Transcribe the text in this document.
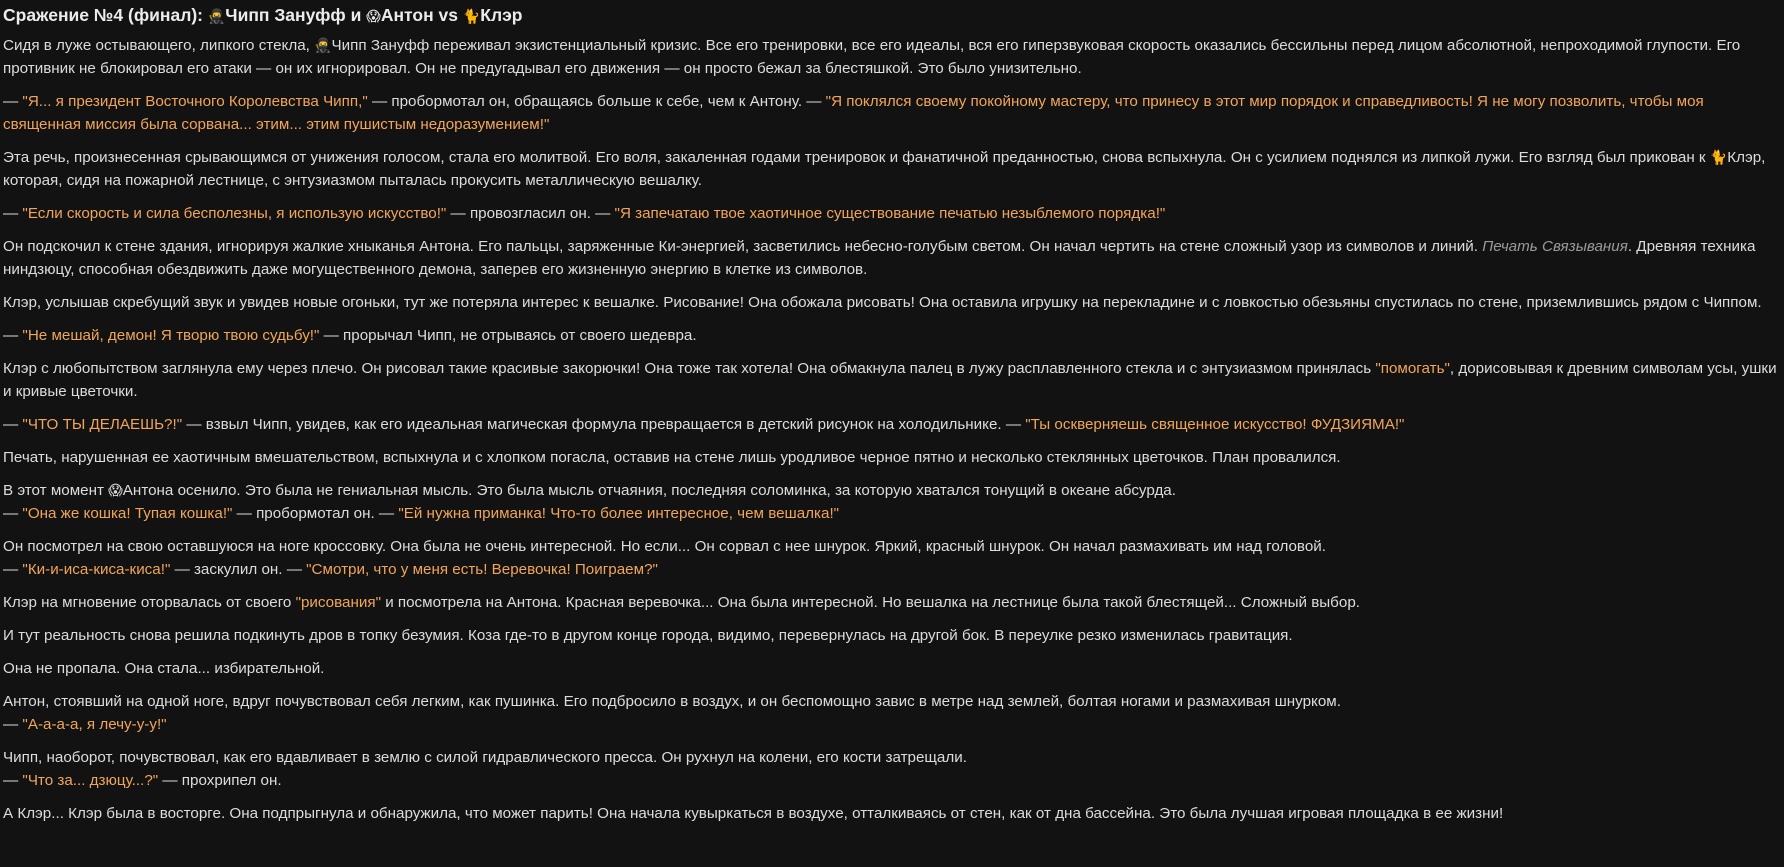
Сражение №4 (финал): 🥷Чипп Зануфф и 😱Антон vs 🐈Клэр

Сидя в луже остывающего, липкого стекла, 🥷Чипп Зануфф переживал экзистенциальный кризис. Все его тренировки, все его идеалы, вся его гиперзвуковая скорость оказались бессильны перед лицом абсолютной, непроходимой глупости. Его противник не блокировал его атаки — он их игнорировал. Он не предугадывал его движения — он просто бежал за блестяшкой. Это было унизительно.

— "Я... я президент Восточного Королевства Чипп," — пробормотал он, обращаясь больше к себе, чем к Антону. — "Я поклялся своему покойному мастеру, что принесу в этот мир порядок и справедливость! Я не могу позволить, чтобы моя священная миссия была сорвана... этим... этим пушистым недоразумением!"

Эта речь, произнесенная срывающимся от унижения голосом, стала его молитвой. Его воля, закаленная годами тренировок и фанатичной преданностью, снова вспыхнула. Он с усилием поднялся из липкой лужи. Его взгляд был прикован к 🐈Клэр, которая, сидя на пожарной лестнице, с энтузиазмом пыталась прокусить металлическую вешалку.

— "Если скорость и сила бесполезны, я использую искусство!" — провозгласил он. — "Я запечатаю твое хаотичное существование печатью незыблемого порядка!"

Он подскочил к стене здания, игнорируя жалкие хныканья Антона. Его пальцы, заряженные Ки-энергией, засветились небесно-голубым светом. Он начал чертить на стене сложный узор из символов и линий. Печать Связывания. Древняя техника ниндзюцу, способная обездвижить даже могущественного демона, заперев его жизненную энергию в клетке из символов.

Клэр, услышав скребущий звук и увидев новые огоньки, тут же потеряла интерес к вешалке. Рисование! Она обожала рисовать! Она оставила игрушку на перекладине и с ловкостью обезьяны спустилась по стене, приземлившись рядом с Чиппом.

— "Не мешай, демон! Я творю твою судьбу!" — прорычал Чипп, не отрываясь от своего шедевра.

Клэр с любопытством заглянула ему через плечо. Он рисовал такие красивые закорючки! Она тоже так хотела! Она обмакнула палец в лужу расплавленного стекла и с энтузиазмом принялась "помогать", дорисовывая к древним символам усы, ушки и кривые цветочки.

— "ЧТО ТЫ ДЕЛАЕШЬ?!" — взвыл Чипп, увидев, как его идеальная магическая формула превращается в детский рисунок на холодильнике. — "Ты оскверняешь священное искусство! ФУДЗИЯМА!"

Печать, нарушенная ее хаотичным вмешательством, вспыхнула и с хлопком погасла, оставив на стене лишь уродливое черное пятно и несколько стеклянных цветочков. План провалился.

В этот момент 😱Антона осенило. Это была не гениальная мысль. Это была мысль отчаяния, последняя соломинка, за которую хватался тонущий в океане абсурда.
— "Она же кошка! Тупая кошка!" — пробормотал он. — "Ей нужна приманка! Что-то более интересное, чем вешалка!"

Он посмотрел на свою оставшуюся на ноге кроссовку. Она была не очень интересной. Но если... Он сорвал с нее шнурок. Яркий, красный шнурок. Он начал размахивать им над головой.
— "Ки-и-иса-киса-киса!" — заскулил он. — "Смотри, что у меня есть! Веревочка! Поиграем?"

Клэр на мгновение оторвалась от своего "рисования" и посмотрела на Антона. Красная веревочка... Она была интересной. Но вешалка на лестнице была такой блестящей... Сложный выбор.

И тут реальность снова решила подкинуть дров в топку безумия. Коза где-то в другом конце города, видимо, перевернулась на другой бок. В переулке резко изменилась гравитация.

Она не пропала. Она стала... избирательной.

Антон, стоявший на одной ноге, вдруг почувствовал себя легким, как пушинка. Его подбросило в воздух, и он беспомощно завис в метре над землей, болтая ногами и размахивая шнурком.
— "А-а-а-а, я лечу-у-у!"

Чипп, наоборот, почувствовал, как его вдавливает в землю с силой гидравлического пресса. Он рухнул на колени, его кости затрещали.
— "Что за... дзюцу...?" — прохрипел он.

А Клэр... Клэр была в восторге. Она подпрыгнула и обнаружила, что может парить! Она начала кувыркаться в воздухе, отталкиваясь от стен, как от дна бассейна. Это была лучшая игровая площадка в ее жизни!
